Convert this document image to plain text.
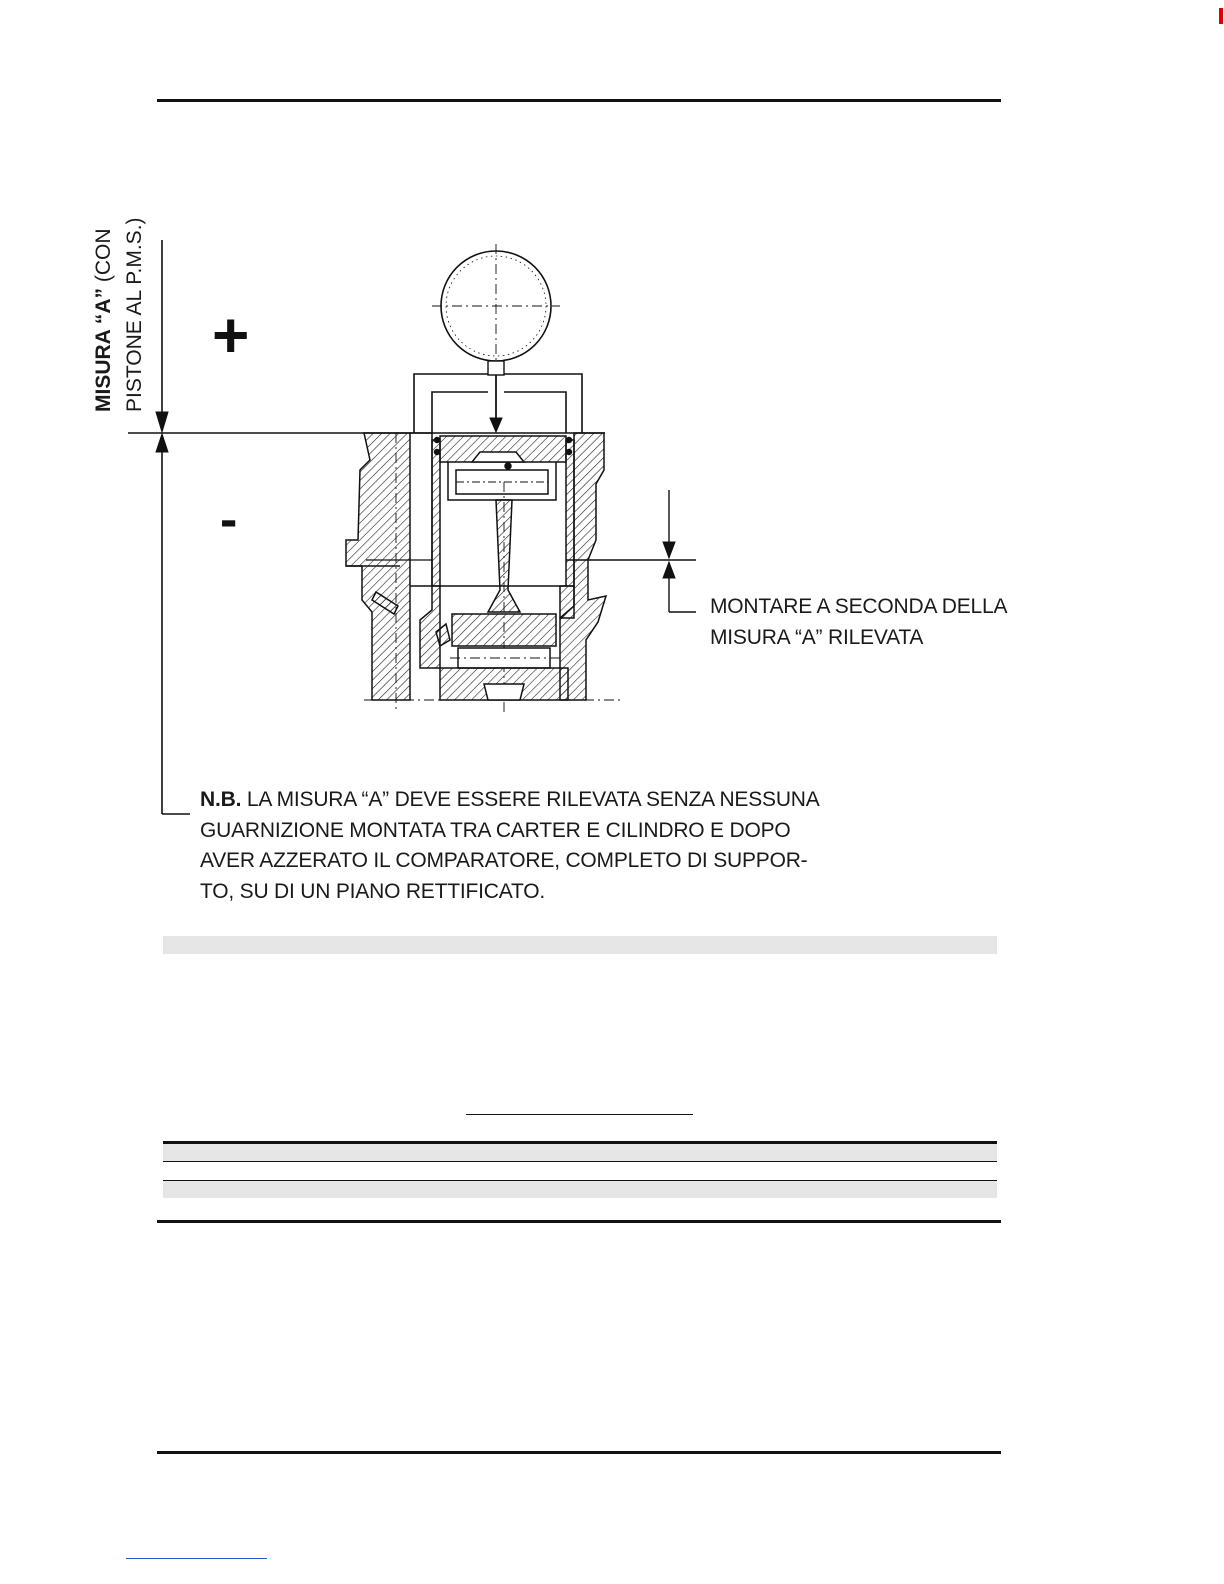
MISURA “A” (CON PISTONE AL P.M.S.) +
-
MONTARE A SECONDA DELLA
MISURA “A” RILEVATA
N.B. LA MISURA “A” DEVE ESSERE RILEVATA SENZA NESSUNA
GUARNIZIONE MONTATA TRA CARTER E CILINDRO E DOPO
AVER AZZERATO IL COMPARATORE, COMPLETO DI SUPPOR-
TO, SU DI UN PIANO RETTIFICATO.
